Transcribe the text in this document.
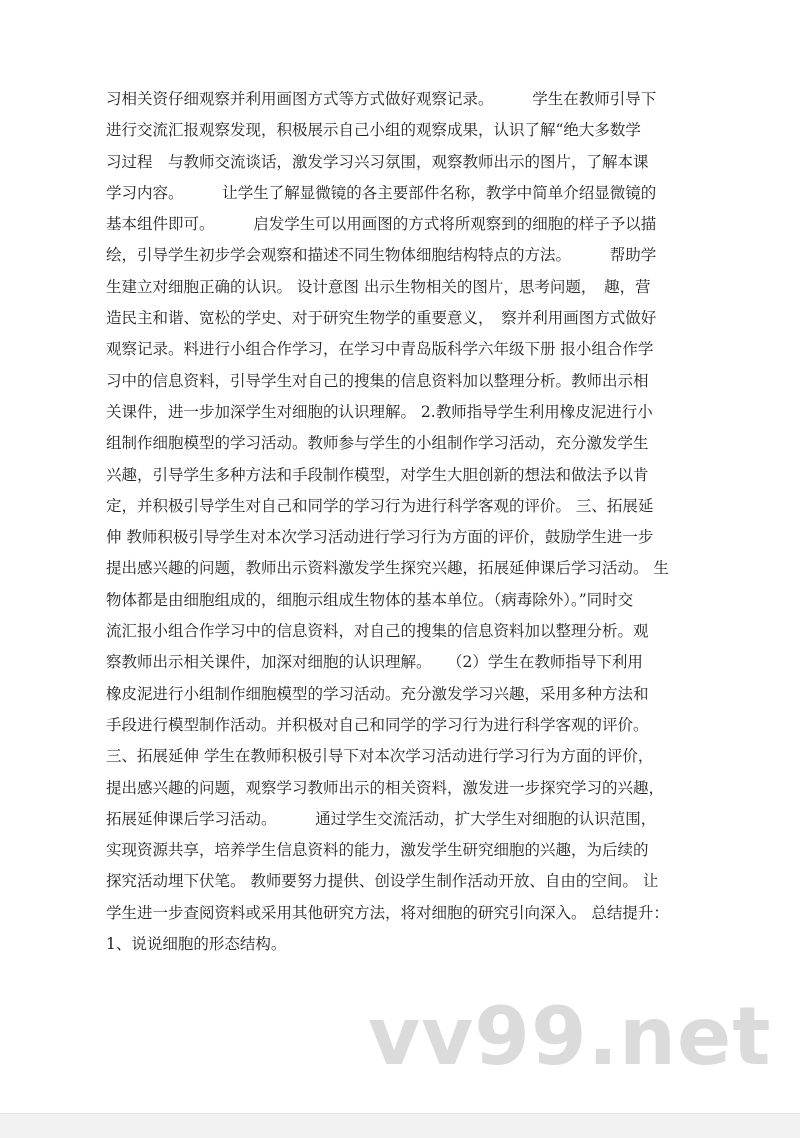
习相关资仔细观察并利用画图方式等方式做好观察记录。　　　学生在教师引导下
进行交流汇报观察发现，积极展示自己小组的观察成果，认识了解“绝大多数学
习过程　与教师交流谈话，激发学习兴习氛围，观察教师出示的图片，了解本课
学习内容。　　　让学生了解显微镜的各主要部件名称，教学中简单介绍显微镜的
基本组件即可。　　　启发学生可以用画图的方式将所观察到的细胞的样子予以描
绘，引导学生初步学会观察和描述不同生物体细胞结构特点的方法。　　　帮助学
生建立对细胞正确的认识。 设计意图 出示生物相关的图片，思考问题，　趣，营
造民主和谐、宽松的学史、对于研究生物学的重要意义，　察并利用画图方式做好
观察记录。料进行小组合作学习，在学习中青岛版科学六年级下册 报小组合作学
习中的信息资料，引导学生对自己的搜集的信息资料加以整理分析。教师出示相
关课件，进一步加深学生对细胞的认识理解。 2.教师指导学生利用橡皮泥进行小
组制作细胞模型的学习活动。教师参与学生的小组制作学习活动，充分激发学生
兴趣，引导学生多种方法和手段制作模型，对学生大胆创新的想法和做法予以肯
定，并积极引导学生对自己和同学的学习行为进行科学客观的评价。 三、拓展延
伸 教师积极引导学生对本次学习活动进行学习行为方面的评价，鼓励学生进一步
提出感兴趣的问题，教师出示资料激发学生探究兴趣，拓展延伸课后学习活动。 生
物体都是由细胞组成的，细胞示组成生物体的基本单位。（病毒除外）。”同时交
流汇报小组合作学习中的信息资料，对自己的搜集的信息资料加以整理分析。观
察教师出示相关课件，加深对细胞的认识理解。　　（2）学生在教师指导下利用
橡皮泥进行小组制作细胞模型的学习活动。充分激发学习兴趣，采用多种方法和
手段进行模型制作活动。并积极对自己和同学的学习行为进行科学客观的评价。
三、拓展延伸 学生在教师积极引导下对本次学习活动进行学习行为方面的评价，
提出感兴趣的问题，观察学习教师出示的相关资料，激发进一步探究学习的兴趣，
拓展延伸课后学习活动。　　　通过学生交流活动，扩大学生对细胞的认识范围，
实现资源共享，培养学生信息资料的能力，激发学生研究细胞的兴趣，为后续的
探究活动埋下伏笔。 教师要努力提供、创设学生制作活动开放、自由的空间。 让
学生进一步查阅资料或采用其他研究方法，将对细胞的研究引向深入。 总结提升：
1、说说细胞的形态结构。
vv99.net
